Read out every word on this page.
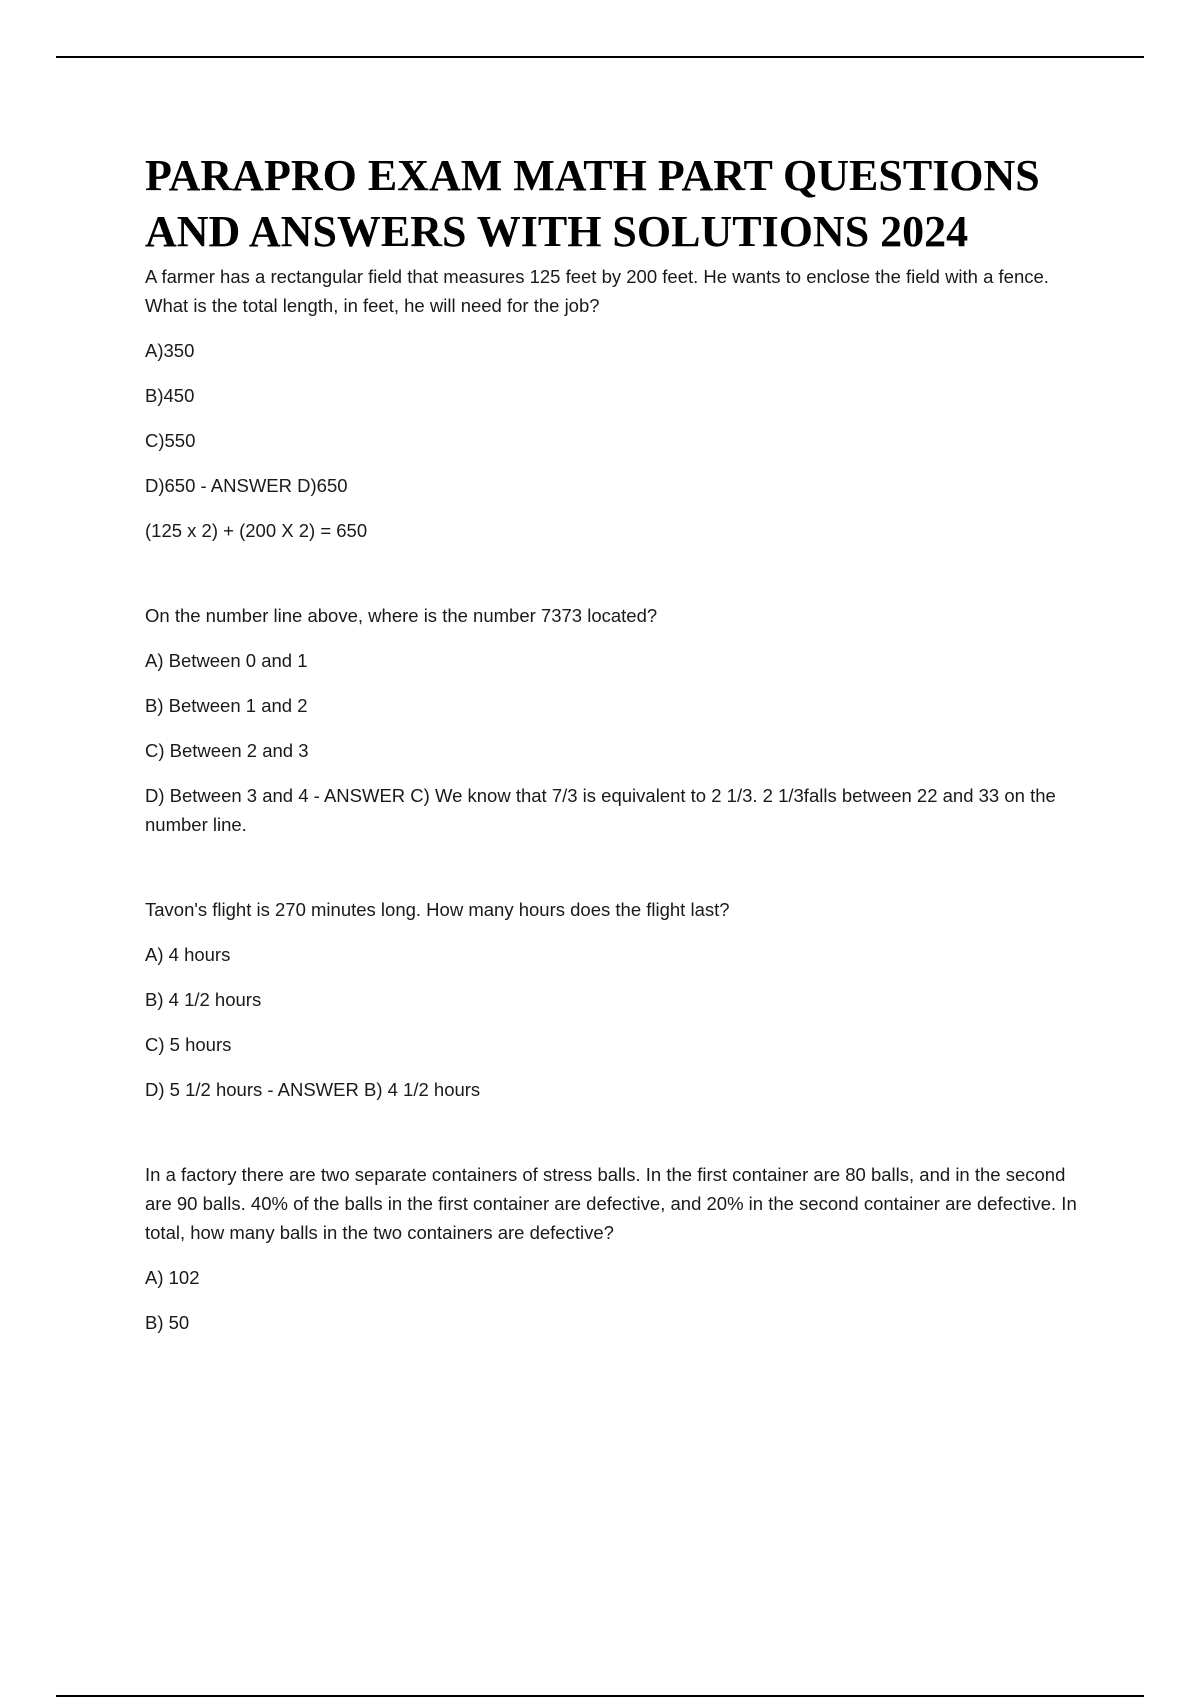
PARAPRO EXAM MATH PART QUESTIONS AND ANSWERS WITH SOLUTIONS 2024

A farmer has a rectangular field that measures 125 feet by 200 feet. He wants to enclose the field with a fence. What is the total length, in feet, he will need for the job?

A)350

B)450

C)550

D)650 - ANSWER D)650

(125 x 2) + (200 X 2) = 650

On the number line above, where is the number 7373 located?

A) Between 0 and 1

B) Between 1 and 2

C) Between 2 and 3

D) Between 3 and 4 - ANSWER C) We know that 7/3 is equivalent to 2 1/3. 2 1/3falls between 22 and 33 on the number line.

Tavon's flight is 270 minutes long. How many hours does the flight last?

A) 4 hours

B) 4 1/2 hours

C) 5 hours

D) 5 1/2 hours - ANSWER B) 4 1/2 hours

In a factory there are two separate containers of stress balls. In the first container are 80 balls, and in the second are 90 balls. 40% of the balls in the first container are defective, and 20% in the second container are defective. In total, how many balls in the two containers are defective?

A) 102

B) 50
